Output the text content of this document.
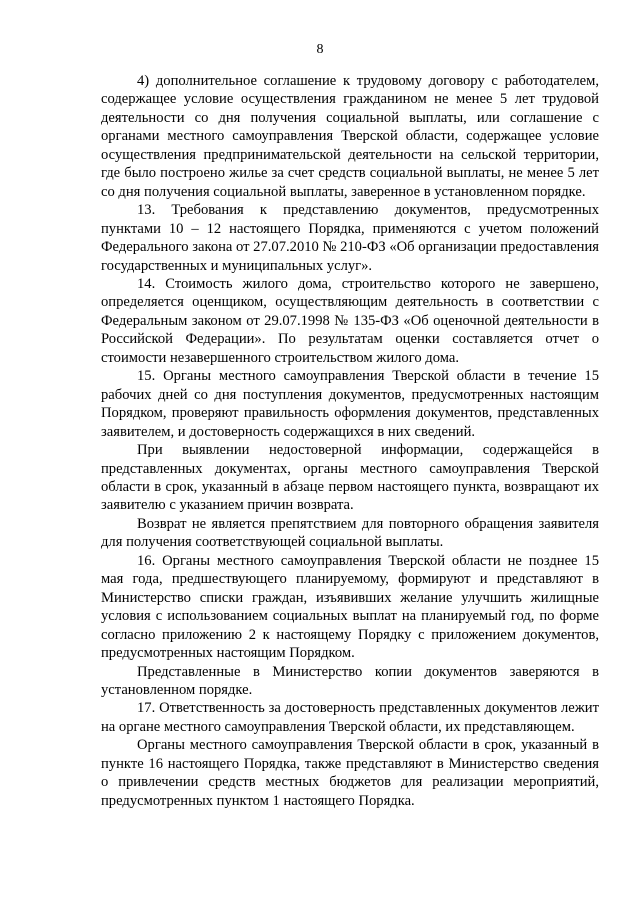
8

4) дополнительное соглашение к трудовому договору с работодателем, содержащее условие осуществления гражданином не менее 5 лет трудовой деятельности со дня получения социальной выплаты, или соглашение с органами местного самоуправления Тверской области, содержащее условие осуществления предпринимательской деятельности на сельской территории, где было построено жилье за счет средств социальной выплаты, не менее 5 лет со дня получения социальной выплаты, заверенное в установленном порядке.

13. Требования к представлению документов, предусмотренных пунктами 10 – 12 настоящего Порядка, применяются с учетом положений Федерального закона от 27.07.2010 № 210-ФЗ «Об организации предоставления государственных и муниципальных услуг».

14. Стоимость жилого дома, строительство которого не завершено, определяется оценщиком, осуществляющим деятельность в соответствии с Федеральным законом от 29.07.1998 № 135-ФЗ «Об оценочной деятельности в Российской Федерации». По результатам оценки составляется отчет о стоимости незавершенного строительством жилого дома.

15. Органы местного самоуправления Тверской области в течение 15 рабочих дней со дня поступления документов, предусмотренных настоящим Порядком, проверяют правильность оформления документов, представленных заявителем, и достоверность содержащихся в них сведений.

При выявлении недостоверной информации, содержащейся в представленных документах, органы местного самоуправления Тверской области в срок, указанный в абзаце первом настоящего пункта, возвращают их заявителю с указанием причин возврата.

Возврат не является препятствием для повторного обращения заявителя для получения соответствующей социальной выплаты.

16. Органы местного самоуправления Тверской области не позднее 15 мая года, предшествующего планируемому, формируют и представляют в Министерство списки граждан, изъявивших желание улучшить жилищные условия с использованием социальных выплат на планируемый год, по форме согласно приложению 2 к настоящему Порядку с приложением документов, предусмотренных настоящим Порядком.

Представленные в Министерство копии документов заверяются в установленном порядке.

17. Ответственность за достоверность представленных документов лежит на органе местного самоуправления Тверской области, их представляющем.

Органы местного самоуправления Тверской области в срок, указанный в пункте 16 настоящего Порядка, также представляют в Министерство сведения о привлечении средств местных бюджетов для реализации мероприятий, предусмотренных пунктом 1 настоящего Порядка.
